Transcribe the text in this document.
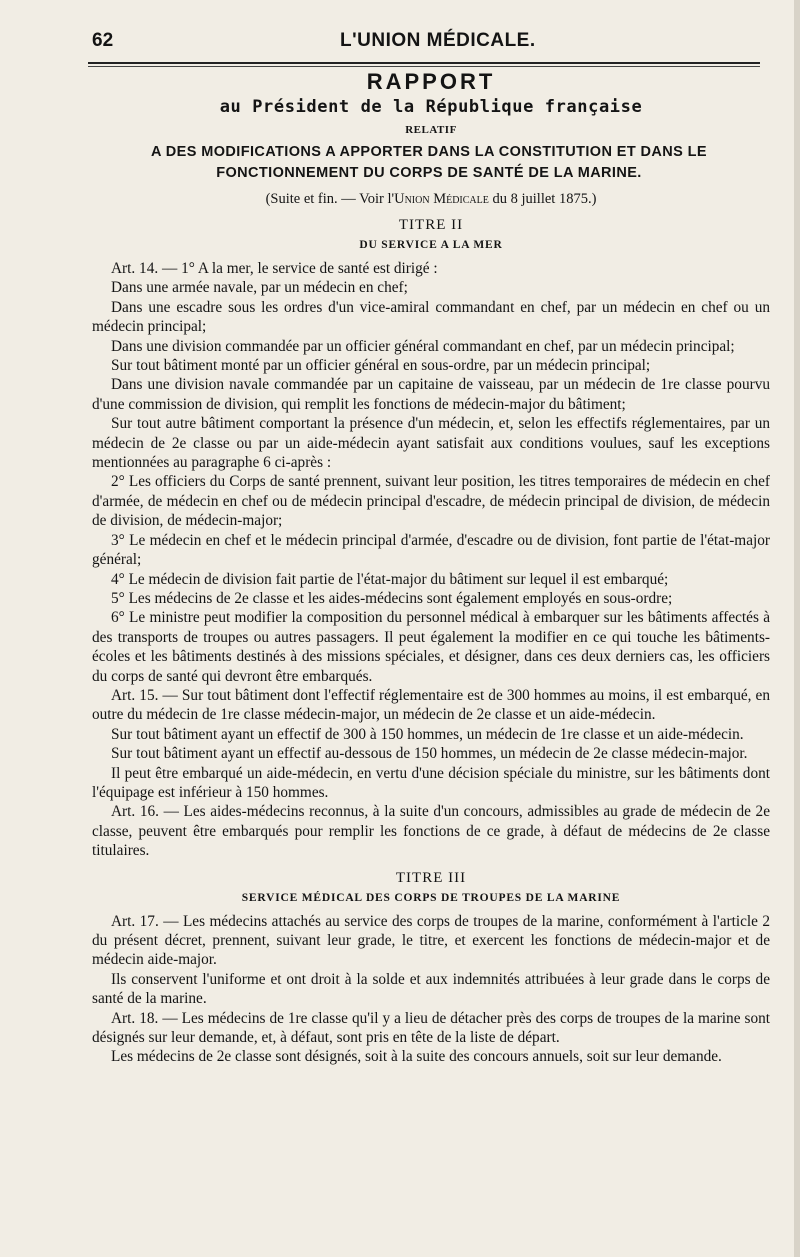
62	L'UNION MÉDICALE.
RAPPORT
au Président de la République française
RELATIF
A DES MODIFICATIONS A APPORTER DANS LA CONSTITUTION ET DANS LE FONCTIONNEMENT DU CORPS DE SANTÉ DE LA MARINE.
(Suite et fin. — Voir l'Union Médicale du 8 juillet 1875.)
TITRE II
DU SERVICE A LA MER

Art. 14. — 1° A la mer, le service de santé est dirigé :

Dans une armée navale, par un médecin en chef;

Dans une escadre sous les ordres d'un vice-amiral commandant en chef, par un médecin en chef ou un médecin principal;

Dans une division commandée par un officier général commandant en chef, par un médecin principal;

Sur tout bâtiment monté par un officier général en sous-ordre, par un médecin principal;

Dans une division navale commandée par un capitaine de vaisseau, par un médecin de 1re classe pourvu d'une commission de division, qui remplit les fonctions de médecin-major du bâtiment;

Sur tout autre bâtiment comportant la présence d'un médecin, et, selon les effectifs réglementaires, par un médecin de 2e classe ou par un aide-médecin ayant satisfait aux conditions voulues, sauf les exceptions mentionnées au paragraphe 6 ci-après :

2° Les officiers du Corps de santé prennent, suivant leur position, les titres temporaires de médecin en chef d'armée, de médecin en chef ou de médecin principal d'escadre, de médecin principal de division, de médecin de division, de médecin-major;

3° Le médecin en chef et le médecin principal d'armée, d'escadre ou de division, font partie de l'état-major général;

4° Le médecin de division fait partie de l'état-major du bâtiment sur lequel il est embarqué;

5° Les médecins de 2e classe et les aides-médecins sont également employés en sous-ordre;

6° Le ministre peut modifier la composition du personnel médical à embarquer sur les bâtiments affectés à des transports de troupes ou autres passagers. Il peut également la modifier en ce qui touche les bâtiments-écoles et les bâtiments destinés à des missions spéciales, et désigner, dans ces deux derniers cas, les officiers du corps de santé qui devront être embarqués.

Art. 15. — Sur tout bâtiment dont l'effectif réglementaire est de 300 hommes au moins, il est embarqué, en outre du médecin de 1re classe médecin-major, un médecin de 2e classe et un aide-médecin.

Sur tout bâtiment ayant un effectif de 300 à 150 hommes, un médecin de 1re classe et un aide-médecin.

Sur tout bâtiment ayant un effectif au-dessous de 150 hommes, un médecin de 2e classe médecin-major.

Il peut être embarqué un aide-médecin, en vertu d'une décision spéciale du ministre, sur les bâtiments dont l'équipage est inférieur à 150 hommes.

Art. 16. — Les aides-médecins reconnus, à la suite d'un concours, admissibles au grade de médecin de 2e classe, peuvent être embarqués pour remplir les fonctions de ce grade, à défaut de médecins de 2e classe titulaires.

TITRE III
SERVICE MÉDICAL DES CORPS DE TROUPES DE LA MARINE

Art. 17. — Les médecins attachés au service des corps de troupes de la marine, conformément à l'article 2 du présent décret, prennent, suivant leur grade, le titre, et exercent les fonctions de médecin-major et de médecin aide-major.

Ils conservent l'uniforme et ont droit à la solde et aux indemnités attribuées à leur grade dans le corps de santé de la marine.

Art. 18. — Les médecins de 1re classe qu'il y a lieu de détacher près des corps de troupes de la marine sont désignés sur leur demande, et, à défaut, sont pris en tête de la liste de départ.

Les médecins de 2e classe sont désignés, soit à la suite des concours annuels, soit sur leur demande.
